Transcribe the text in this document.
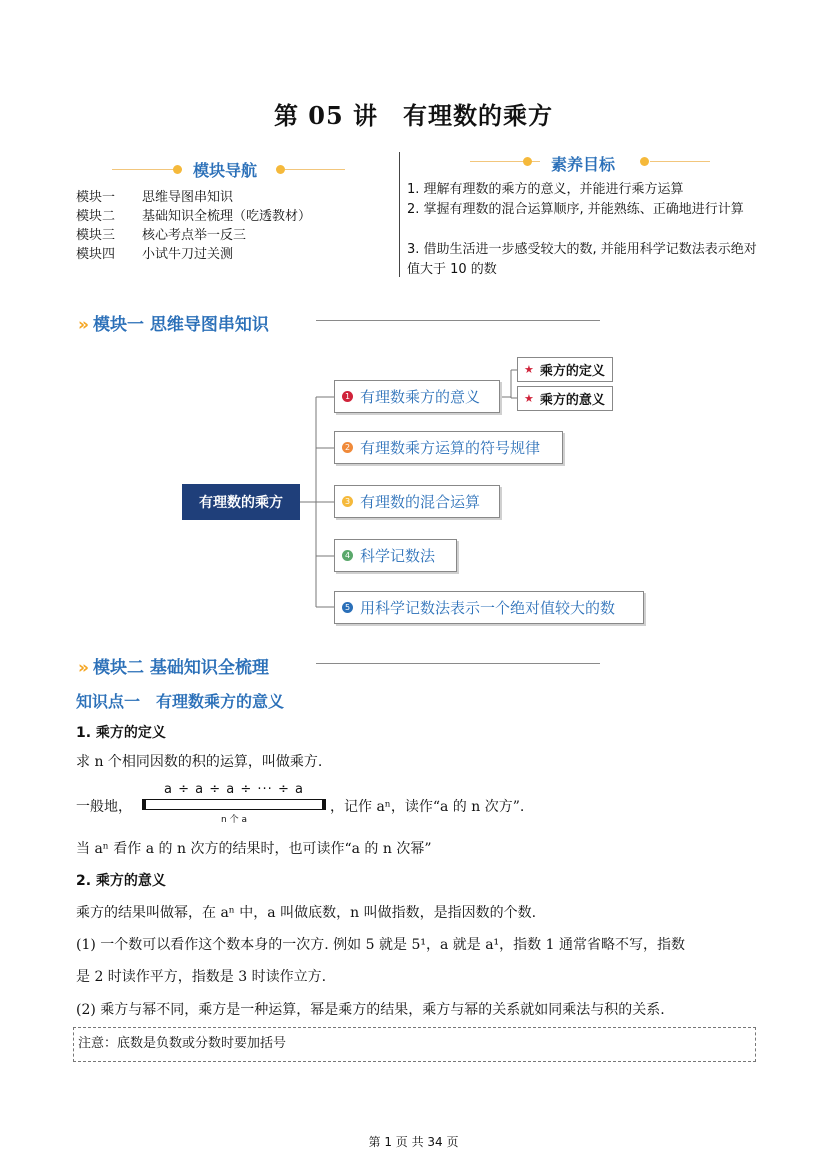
第 05 讲　有理数的乘方
模块导航
模块一 思维导图串知识
模块二 基础知识全梳理（吃透教材）
模块三 核心考点举一反三
模块四 小试牛刀过关测
素养目标
1. 理解有理数的乘方的意义，并能进行乘方运算
2. 掌握有理数的混合运算顺序, 并能熟练、正确地进行计算
3. 借助生活进一步感受较大的数, 并能用科学记数法表示绝对值大于 10 的数
» 模块一 思维导图串知识
有理数的乘方
1 有理数乘方的意义
2 有理数乘方运算的符号规律
3 有理数的混合运算
4 科学记数法
5 用科学记数法表示一个绝对值较大的数
★ 乘方的定义
★ 乘方的意义
» 模块二 基础知识全梳理
知识点一　有理数乘方的意义
1. 乘方的定义
求 n 个相同因数的积的运算，叫做乘方.
一般地，
a ÷ a ÷ a ÷ ··· ÷ a
n 个 a
，记作 aⁿ，读作“a 的 n 次方”.
当 aⁿ 看作 a 的 n 次方的结果时，也可读作“a 的 n 次幂”
2. 乘方的意义
乘方的结果叫做幂，在 aⁿ 中，a 叫做底数，n 叫做指数，是指因数的个数.
(1) 一个数可以看作这个数本身的一次方. 例如 5 就是 5¹，a 就是 a¹，指数 1 通常省略不写，指数
是 2 时读作平方，指数是 3 时读作立方.
(2) 乘方与幂不同，乘方是一种运算，幂是乘方的结果，乘方与幂的关系就如同乘法与积的关系.
注意：底数是负数或分数时要加括号
第 1 页 共 34 页
